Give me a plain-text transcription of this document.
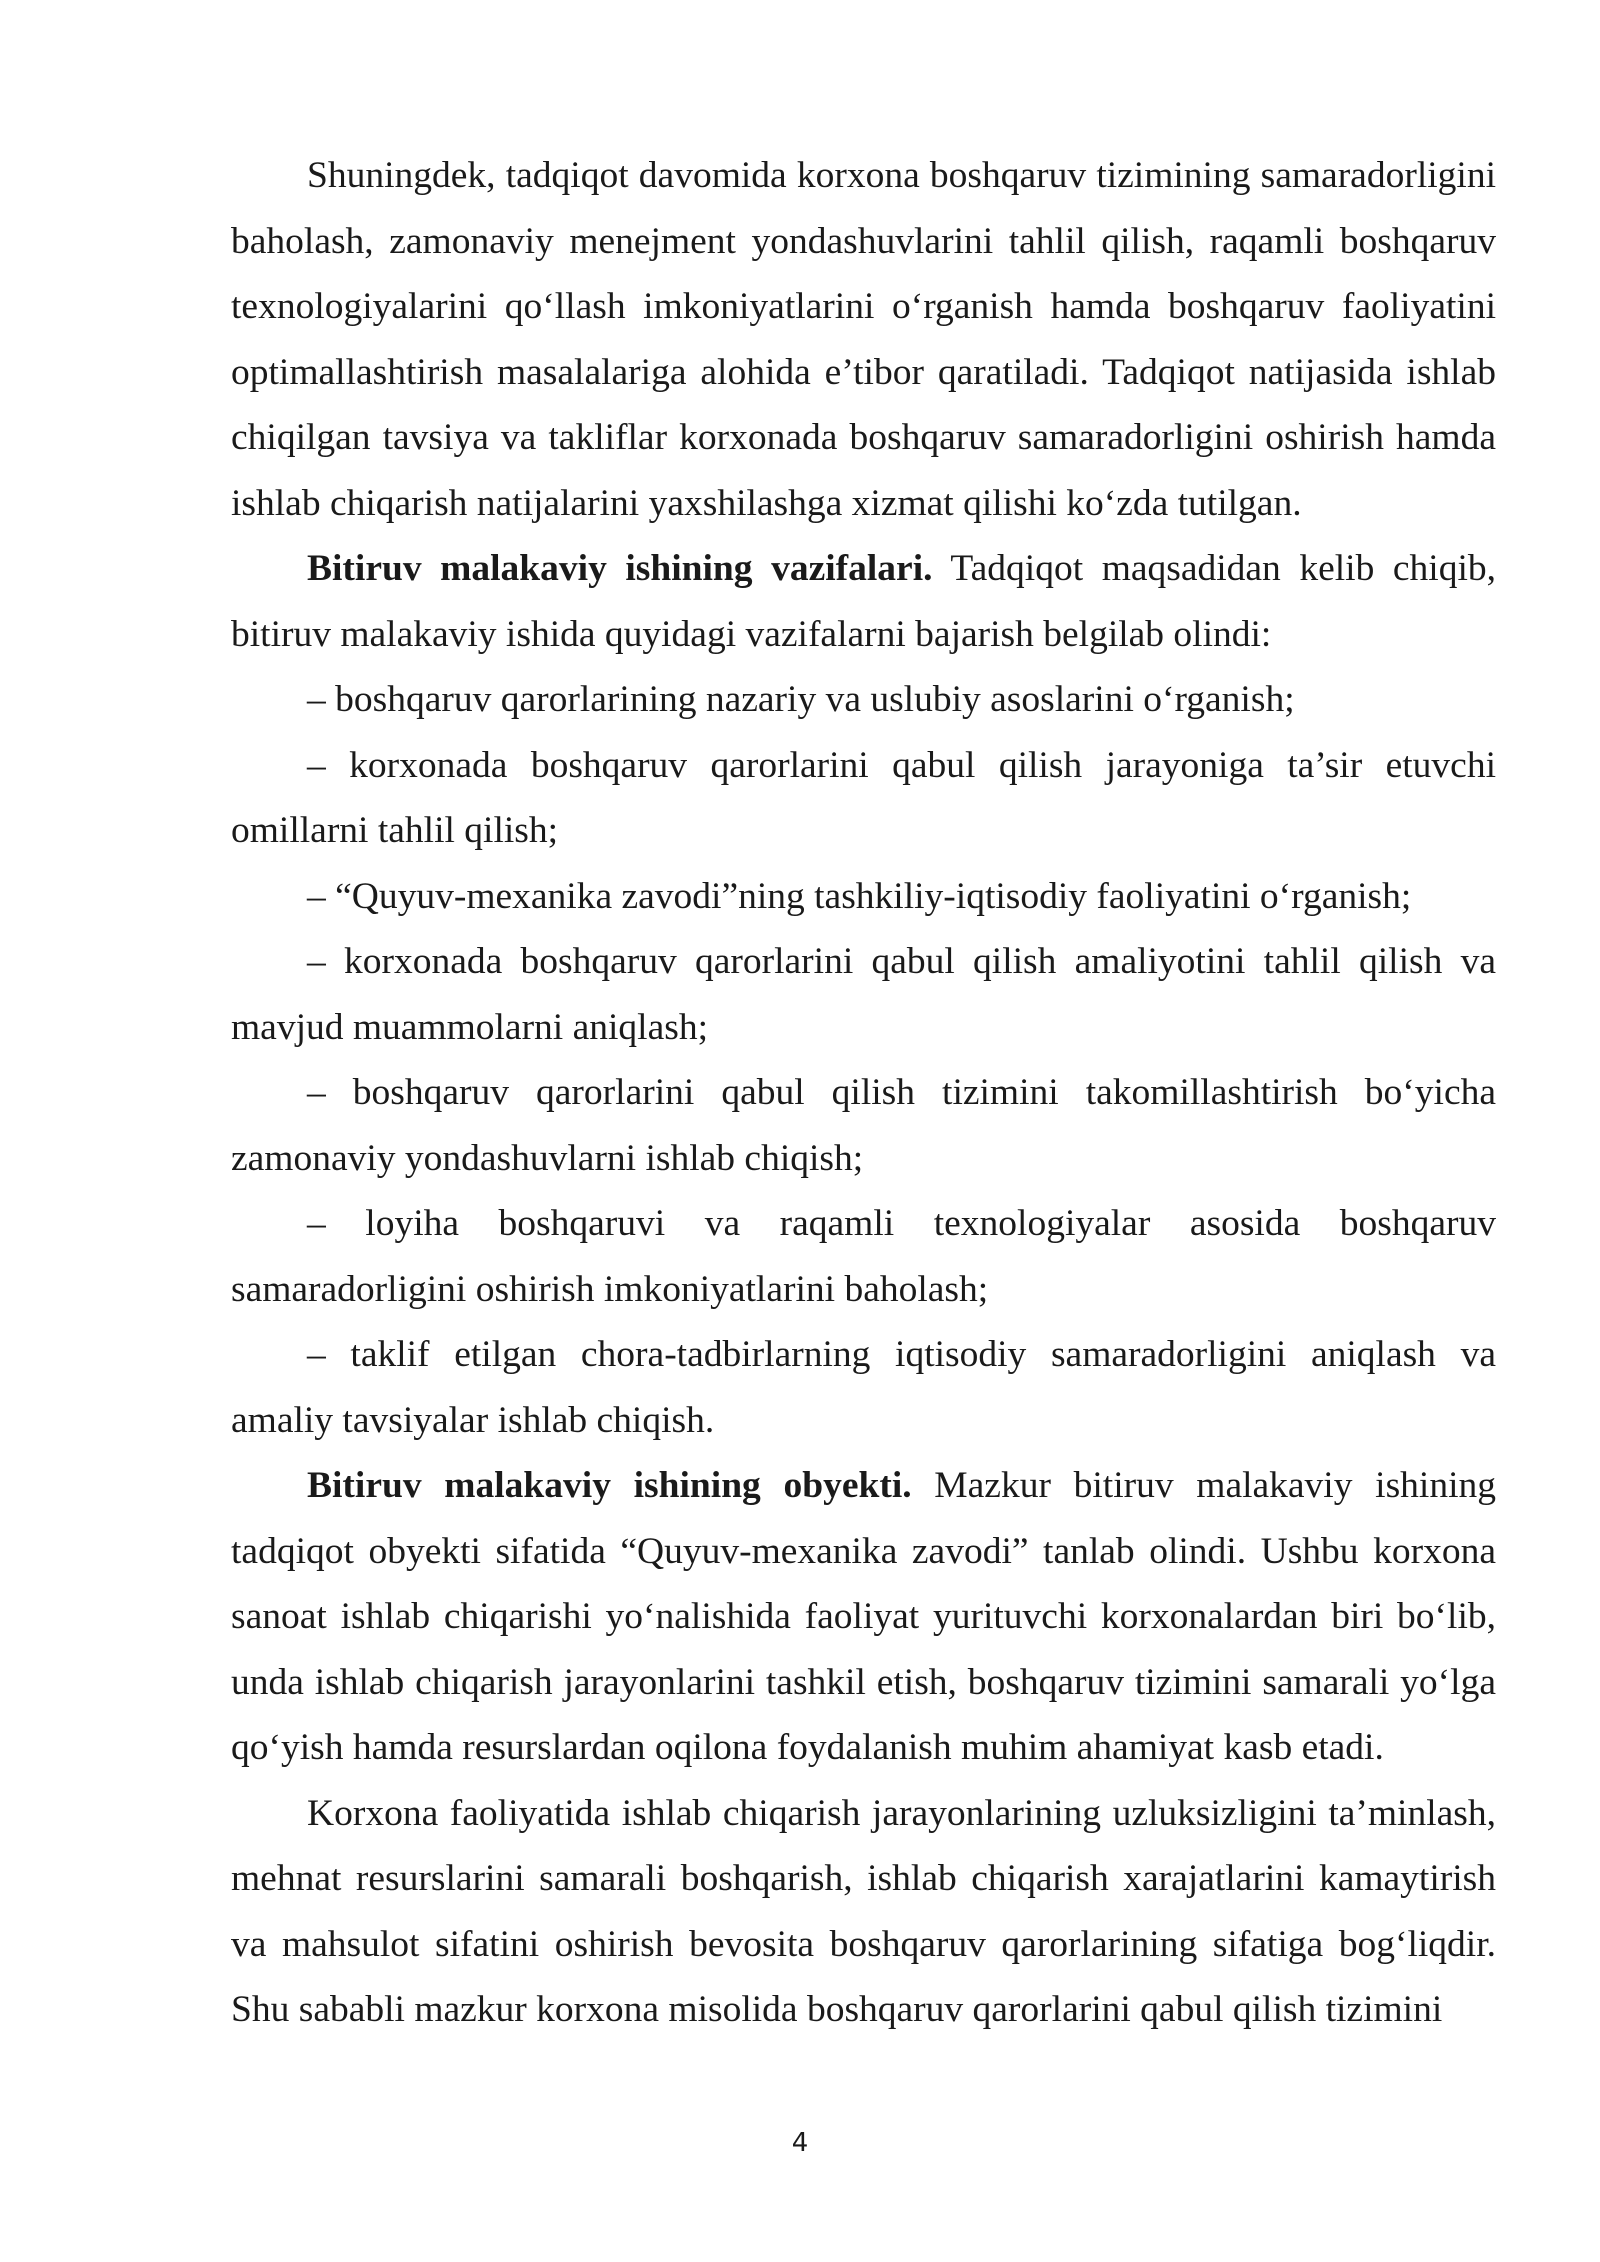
Shuningdek, tadqiqot davomida korxona boshqaruv tizimining samaradorligini baholash, zamonaviy menejment yondashuvlarini tahlil qilish, raqamli boshqaruv texnologiyalarini qo‘llash imkoniyatlarini o‘rganish hamda boshqaruv faoliyatini optimallashtirish masalalariga alohida e’tibor qaratiladi. Tadqiqot natijasida ishlab chiqilgan tavsiya va takliflar korxonada boshqaruv samaradorligini oshirish hamda ishlab chiqarish natijalarini yaxshilashga xizmat qilishi ko‘zda tutilgan.

Bitiruv malakaviy ishining vazifalari. Tadqiqot maqsadidan kelib chiqib, bitiruv malakaviy ishida quyidagi vazifalarni bajarish belgilab olindi:

– boshqaruv qarorlarining nazariy va uslubiy asoslarini o‘rganish;

– korxonada boshqaruv qarorlarini qabul qilish jarayoniga ta’sir etuvchi omillarni tahlil qilish;

– “Quyuv-mexanika zavodi”ning tashkiliy-iqtisodiy faoliyatini o‘rganish;

– korxonada boshqaruv qarorlarini qabul qilish amaliyotini tahlil qilish va mavjud muammolarni aniqlash;

– boshqaruv qarorlarini qabul qilish tizimini takomillashtirish bo‘yicha zamonaviy yondashuvlarni ishlab chiqish;

– loyiha boshqaruvi va raqamli texnologiyalar asosida boshqaruv samaradorligini oshirish imkoniyatlarini baholash;

– taklif etilgan chora-tadbirlarning iqtisodiy samaradorligini aniqlash va amaliy tavsiyalar ishlab chiqish.

Bitiruv malakaviy ishining obyekti. Mazkur bitiruv malakaviy ishining tadqiqot obyekti sifatida “Quyuv-mexanika zavodi” tanlab olindi. Ushbu korxona sanoat ishlab chiqarishi yo‘nalishida faoliyat yurituvchi korxonalardan biri bo‘lib, unda ishlab chiqarish jarayonlarini tashkil etish, boshqaruv tizimini samarali yo‘lga qo‘yish hamda resurslardan oqilona foydalanish muhim ahamiyat kasb etadi.

Korxona faoliyatida ishlab chiqarish jarayonlarining uzluksizligini ta’minlash, mehnat resurslarini samarali boshqarish, ishlab chiqarish xarajatlarini kamaytirish va mahsulot sifatini oshirish bevosita boshqaruv qarorlarining sifatiga bog‘liqdir. Shu sababli mazkur korxona misolida boshqaruv qarorlarini qabul qilish tizimini

4
